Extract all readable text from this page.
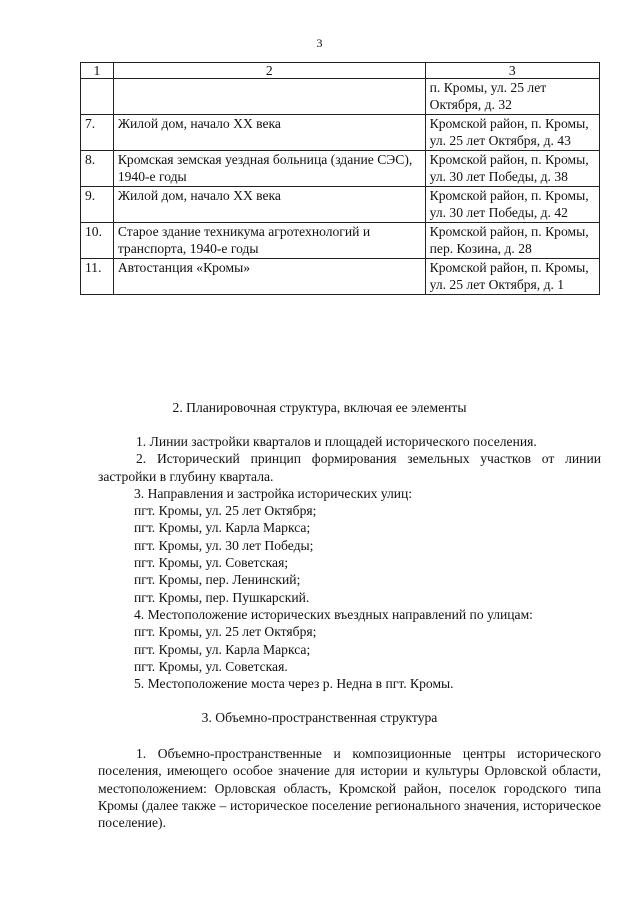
3
1	2	3
		п. Кромы, ул. 25 лет Октября, д. 32
7.	Жилой дом, начало ХХ века	Кромской район, п. Кромы, ул. 25 лет Октября, д. 43
8.	Кромская земская уездная больница (здание СЭС), 1940-е годы	Кромской район, п. Кромы, ул. 30 лет Победы, д. 38
9.	Жилой дом, начало ХХ века	Кромской район, п. Кромы, ул. 30 лет Победы, д. 42
10.	Старое здание техникума агротехнологий и транспорта, 1940-е годы	Кромской район, п. Кромы, пер. Козина, д. 28
11.	Автостанция «Кромы»	Кромской район, п. Кромы, ул. 25 лет Октября, д. 1
2. Планировочная структура, включая ее элементы

1. Линии застройки кварталов и площадей исторического поселения.

2. Исторический принцип формирования земельных участков от линии застройки в глубину квартала.

3. Направления и застройка исторических улиц:

пгт. Кромы, ул. 25 лет Октября;

пгт. Кромы, ул. Карла Маркса;

пгт. Кромы, ул. 30 лет Победы;

пгт. Кромы, ул. Советская;

пгт. Кромы, пер. Ленинский;

пгт. Кромы, пер. Пушкарский.

4. Местоположение исторических въездных направлений по улицам:

пгт. Кромы, ул. 25 лет Октября;

пгт. Кромы, ул. Карла Маркса;

пгт. Кромы, ул. Советская.

5. Местоположение моста через р. Недна в пгт. Кромы.

3. Объемно-пространственная структура
1. Объемно-пространственные и композиционные центры исторического поселения, имеющего особое значение для истории и культуры Орловской области, местоположением: Орловская область, Кромской район, поселок городского типа Кромы (далее также – историческое поселение регионального значения, историческое поселение).
